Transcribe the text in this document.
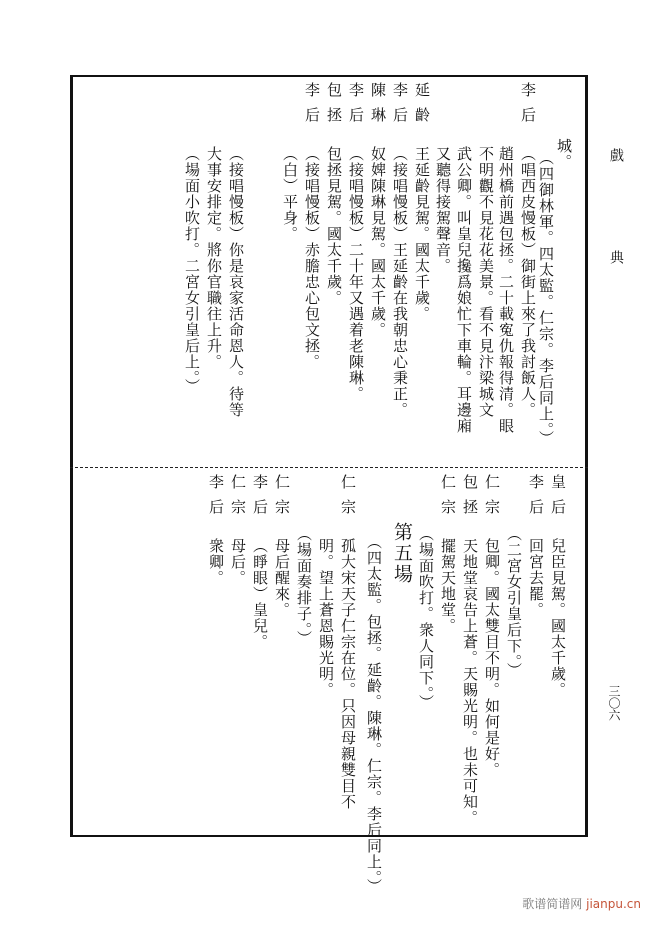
戲
典
三〇六
城。
（四御林軍。四太監。仁宗。李后同上。）
李后
（唱西皮慢板）御街上來了我討飯人。
趙州橋前遇包拯。二十載寃仇報得清。眼
不明觀不見花花美景。看不見汴梁城文
武公卿。叫皇兒攙爲娘忙下車輪。耳邊廂
又聽得接駕聲音。
延齡
王延齡見駕。國太千歲。
李后
（接唱慢板）王延齡在我朝忠心秉正。
陳琳
奴婢陳琳見駕。國太千歲。
李后
（接唱慢板）二十年又遇着老陳琳。
包拯
包拯見駕。國太千歲。
李后
（接唱慢板）赤膽忠心包文拯。
（白）平身。
（接唱慢板）你是哀家活命恩人。待等
大事安排定。將你官職往上升。
（場面小吹打。二宮女引皇后上。）
皇后
兒臣見駕。國太千歲。
李后
回宮去罷。
（二宮女引皇后下。）
仁宗
包卿。國太雙目不明。如何是好。
包拯
天地堂哀告上蒼。天賜光明。也未可知。
仁宗
擺駕天地堂。
（場面吹打。衆人同下。）
第五場
（四太監。包拯。延齡。陳琳。仁宗。李后同上。）
仁宗
孤大宋天子仁宗在位。只因母親雙目不
明。望上蒼恩賜光明。
（場面奏排子。）
仁宗
母后醒來。
李后
（睜眼）皇兒。
仁宗
母后。
李后
衆卿。
歌谱简谱网 jianpu.cn
